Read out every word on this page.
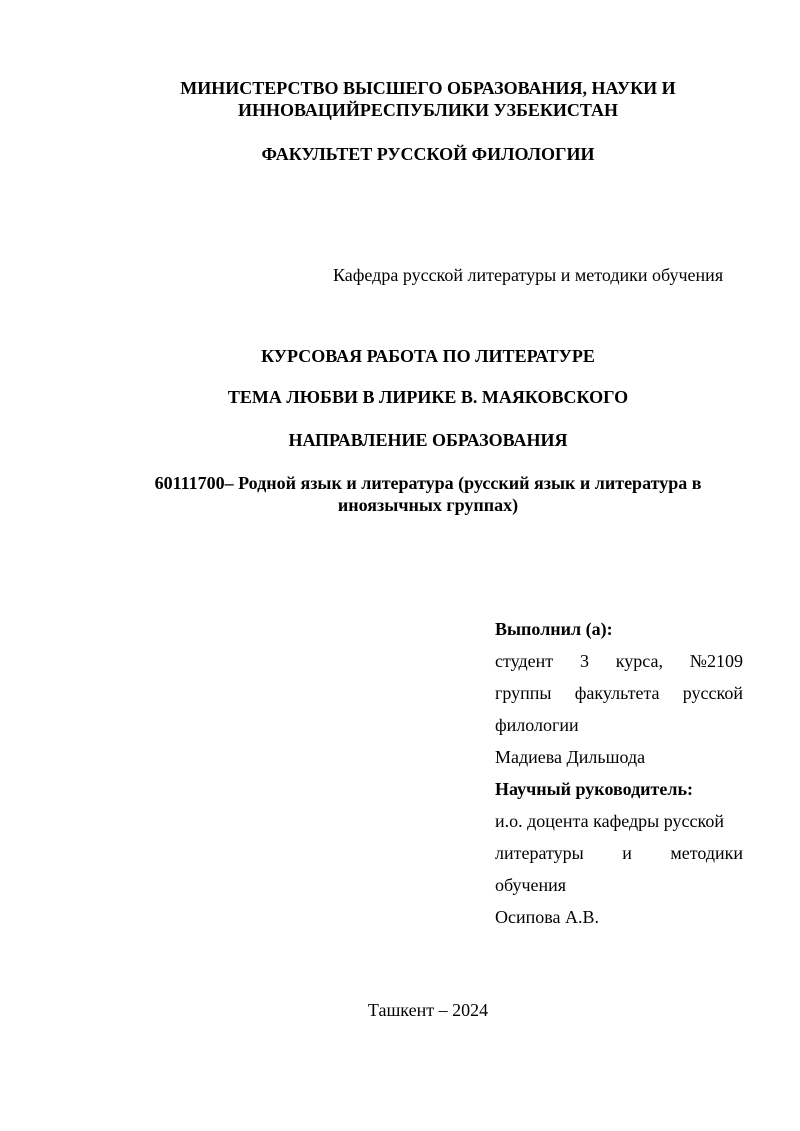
МИНИСТЕРСТВО ВЫСШЕГО ОБРАЗОВАНИЯ, НАУКИ И
ИННОВАЦИЙРЕСПУБЛИКИ УЗБЕКИСТАН
ФАКУЛЬТЕТ РУССКОЙ ФИЛОЛОГИИ
Кафедра русской литературы и методики обучения
КУРСОВАЯ РАБОТА ПО ЛИТЕРАТУРЕ
ТЕМА ЛЮБВИ В ЛИРИКЕ В. МАЯКОВСКОГО
НАПРАВЛЕНИЕ ОБРАЗОВАНИЯ
60111700– Родной язык и литература (русский язык и литература в
иноязычных группах)
Выполнил (а):
студент 3 курса, №2109
группы факультета русской
филологии
Мадиева Дильшода
Научный руководитель:
и.о. доцента кафедры русской
литературы и методики
обучения
Осипова А.В.
Ташкент – 2024
